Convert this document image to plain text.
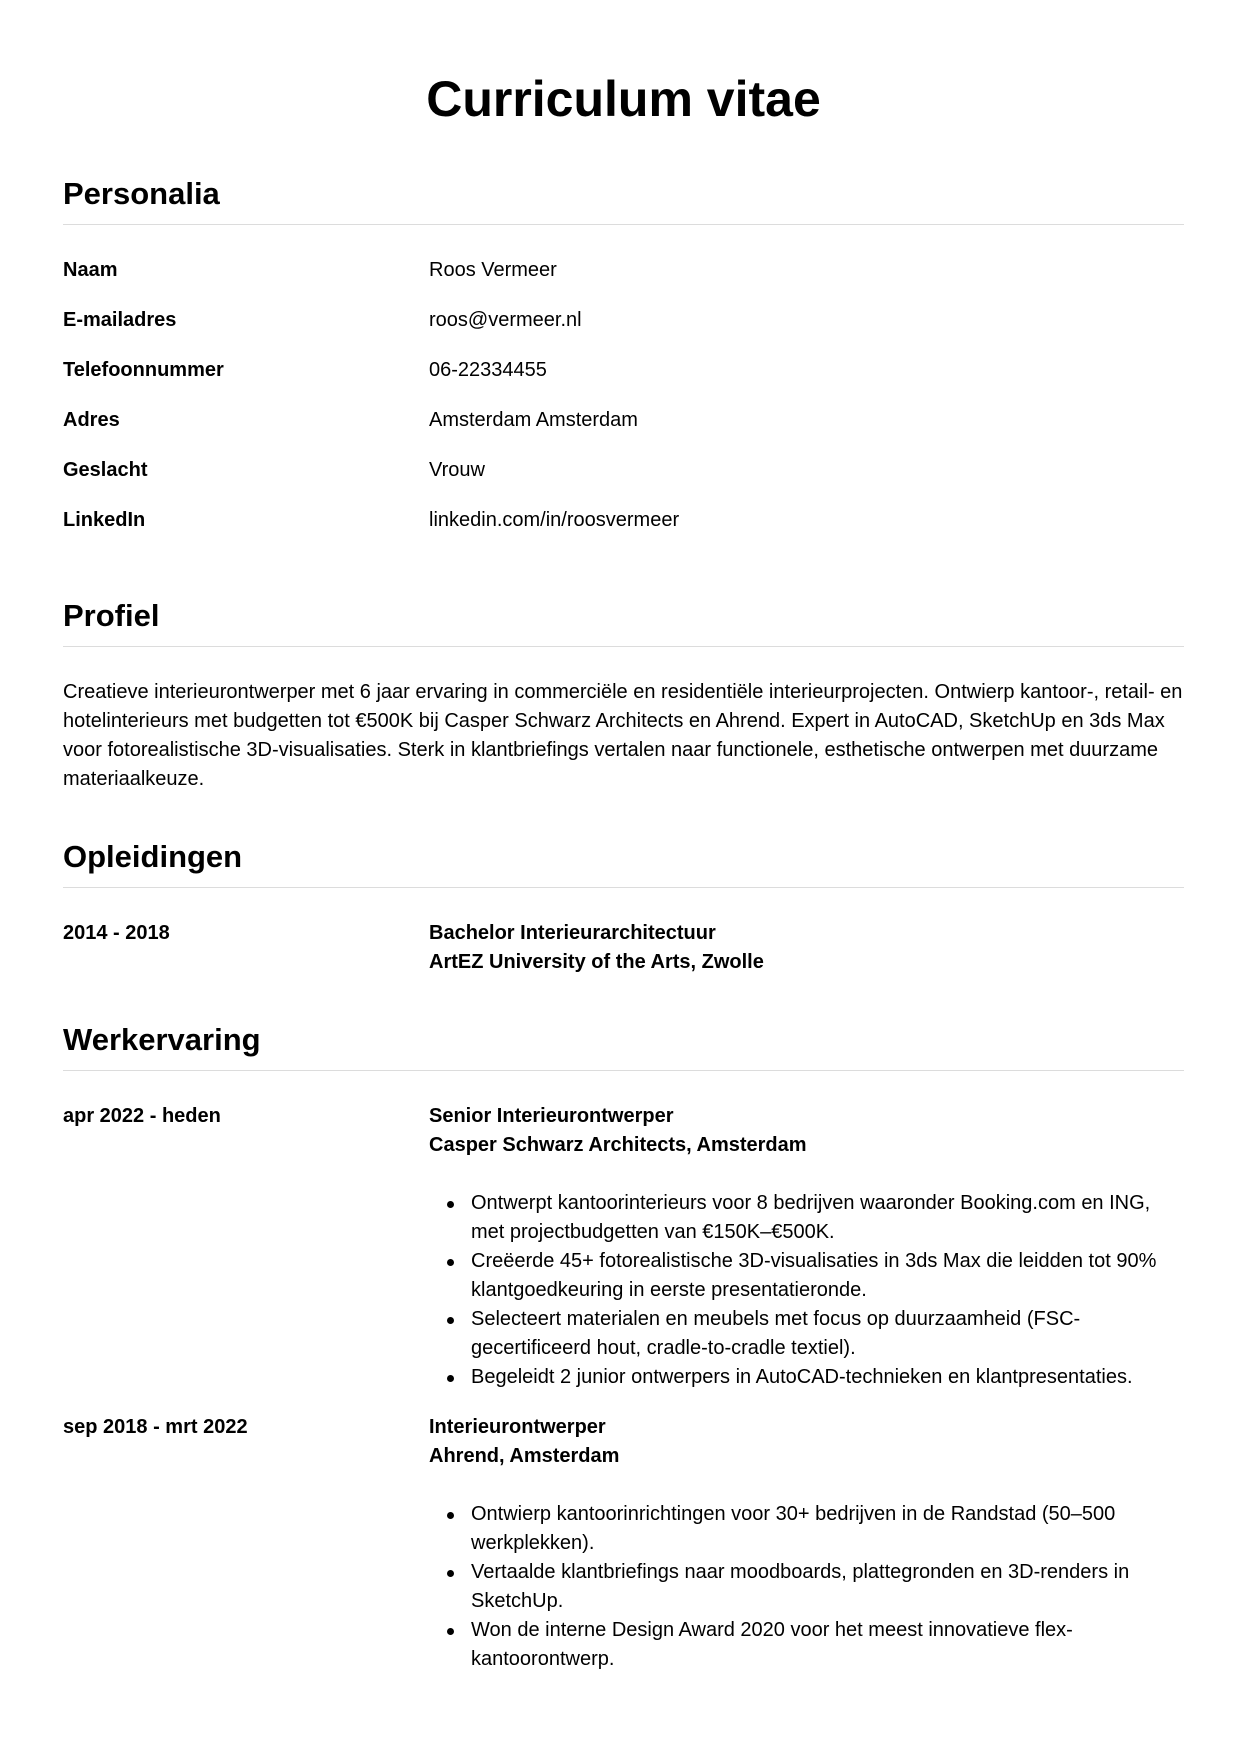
Curriculum vitae
Personalia
Naam	Roos Vermeer
E-mailadres	roos@vermeer.nl
Telefoonnummer	06-22334455
Adres	Amsterdam Amsterdam
Geslacht	Vrouw
LinkedIn	linkedin.com/in/roosvermeer
Profiel

Creatieve interieurontwerper met 6 jaar ervaring in commerciële en residentiële interieurprojecten. Ontwierp kantoor-, retail- en hotelinterieurs met budgetten tot €500K bij Casper Schwarz Architects en Ahrend. Expert in AutoCAD, SketchUp en 3ds Max voor fotorealistische 3D-visualisaties. Sterk in klantbriefings vertalen naar functionele, esthetische ontwerpen met duurzame materiaalkeuze.

Opleidingen
2014 - 2018	Bachelor Interieurarchitectuur
ArtEZ University of the Arts, Zwolle
Werkervaring
apr 2022 - heden	Senior Interieurontwerper
Casper Schwarz Architects, Amsterdam
Ontwerpt kantoorinterieurs voor 8 bedrijven waaronder Booking.com en ING, met projectbudgetten van €150K–€500K.
Creëerde 45+ fotorealistische 3D-visualisaties in 3ds Max die leidden tot 90% klantgoedkeuring in eerste presentatieronde.
Selecteert materialen en meubels met focus op duurzaamheid (FSC-gecertificeerd hout, cradle-to-cradle textiel).
Begeleidt 2 junior ontwerpers in AutoCAD-technieken en klantpresentaties.
sep 2018 - mrt 2022	Interieurontwerper
Ahrend, Amsterdam
Ontwierp kantoorinrichtingen voor 30+ bedrijven in de Randstad (50–500 werkplekken).
Vertaalde klantbriefings naar moodboards, plattegronden en 3D-renders in SketchUp.
Won de interne Design Award 2020 voor het meest innovatieve flex-kantoorontwerp.
